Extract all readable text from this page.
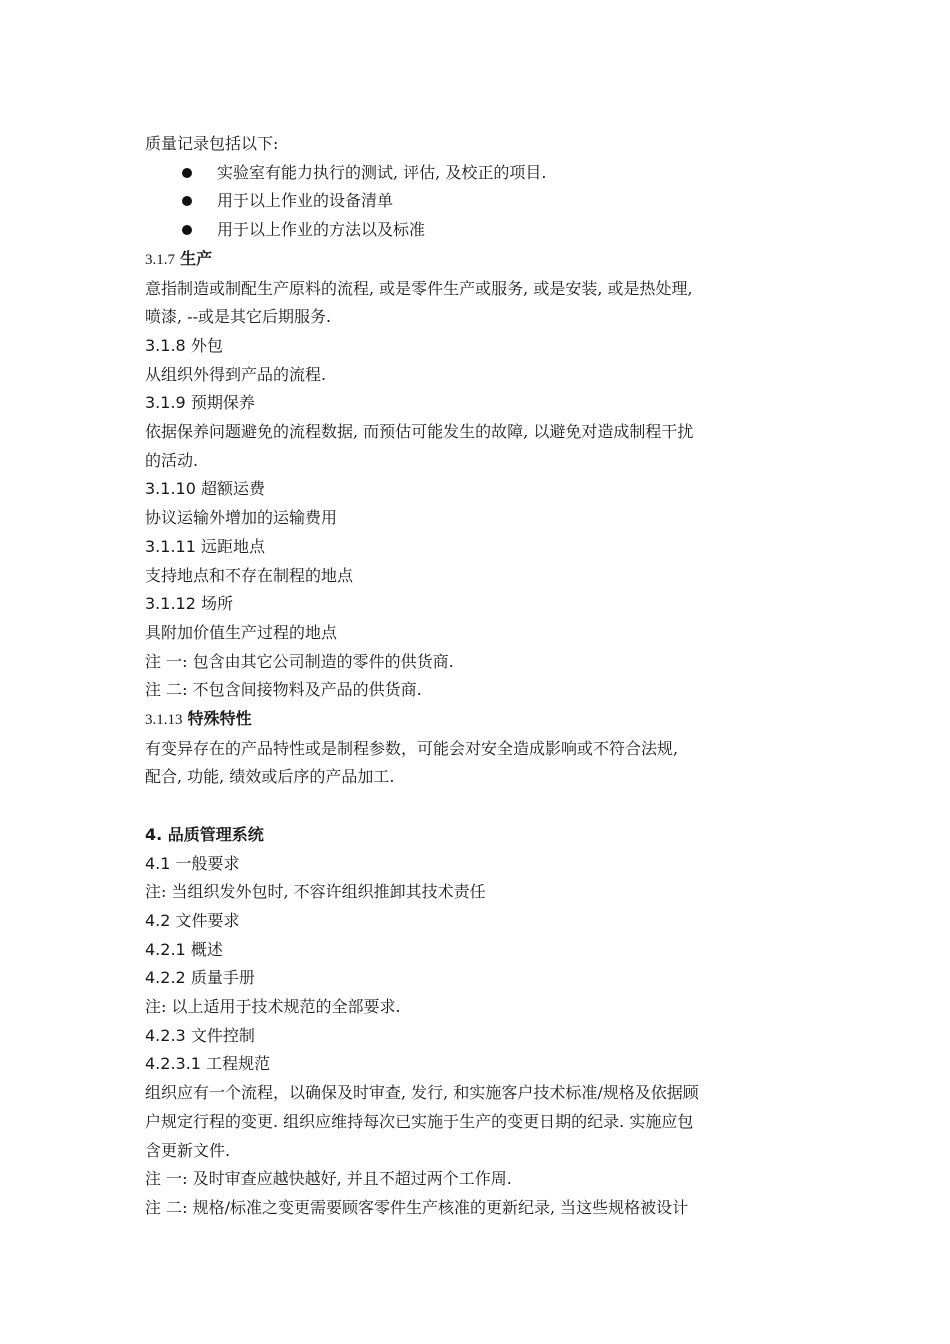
质量记录包括以下:

实验室有能力执行的测试, 评估, 及校正的项目.
用于以上作业的设备清单
用于以上作业的方法以及标准

3.1.7 生产

意指制造或制配生产原料的流程, 或是零件生产或服务, 或是安装, 或是热处理,

喷漆, --或是其它后期服务.

3.1.8 外包

从组织外得到产品的流程.

3.1.9 预期保养

依据保养问题避免的流程数据, 而预估可能发生的故障, 以避免对造成制程干扰

的活动.

3.1.10 超额运费

协议运输外增加的运输费用

3.1.11 远距地点

支持地点和不存在制程的地点

3.1.12 场所

具附加价值生产过程的地点

注 一: 包含由其它公司制造的零件的供货商.

注 二: 不包含间接物料及产品的供货商.

3.1.13 特殊特性

有变异存在的产品特性或是制程参数，可能会对安全造成影响或不符合法规,

配合, 功能, 绩效或后序的产品加工.

4. 品质管理系统

4.1 一般要求

注: 当组织发外包时, 不容许组织推卸其技术责任

4.2 文件要求

4.2.1 概述

4.2.2 质量手册

注: 以上适用于技术规范的全部要求.

4.2.3 文件控制

4.2.3.1 工程规范

组织应有一个流程，以确保及时审查, 发行, 和实施客户技术标准/规格及依据顾

户规定行程的变更. 组织应维持每次已实施于生产的变更日期的纪录. 实施应包

含更新文件.

注 一: 及时审查应越快越好, 并且不超过两个工作周.

注 二: 规格/标准之变更需要顾客零件生产核准的更新纪录, 当这些规格被设计
